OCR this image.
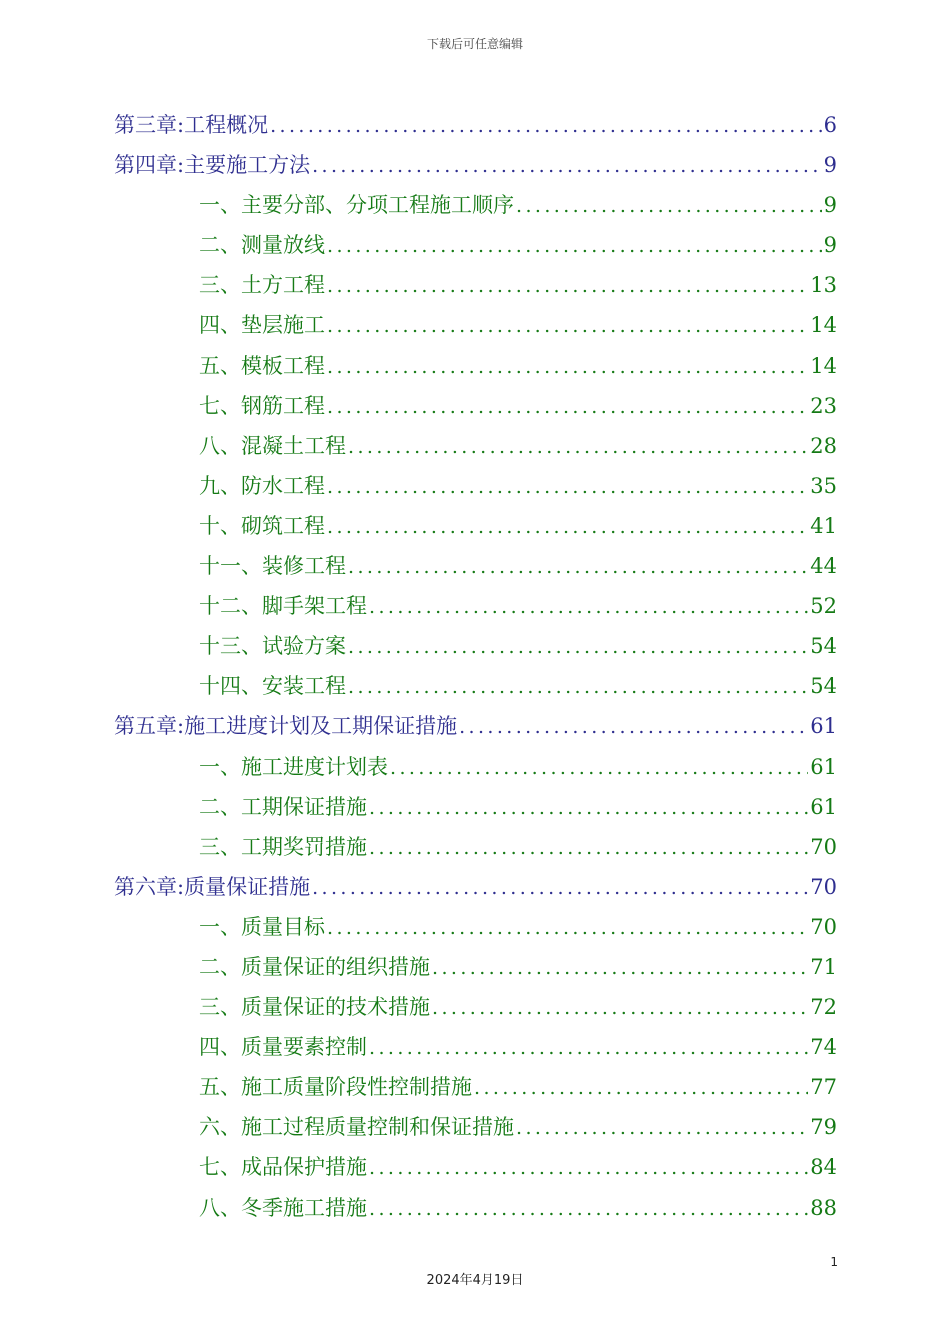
下载后可任意编辑
第三章:工程概况 .....	6
第四章:主要施工方法 .....	9
一、主要分部、分项工程施工顺序 .....	9
二、测量放线 .....	9
三、土方工程 .....	13
四、垫层施工 .....	14
五、模板工程 .....	14
七、钢筋工程 .....	23
八、混凝土工程 .....	28
九、防水工程 .....	35
十、砌筑工程 .....	41
十一、装修工程 .....	44
十二、脚手架工程 .....	52
十三、试验方案 .....	54
十四、安装工程 .....	54
第五章:施工进度计划及工期保证措施 .....	61
一、施工进度计划表 .....	61
二、工期保证措施 .....	61
三、工期奖罚措施 .....	70
第六章:质量保证措施 .....	70
一、质量目标 .....	70
二、质量保证的组织措施 .....	71
三、质量保证的技术措施 .....	72
四、质量要素控制 .....	74
五、施工质量阶段性控制措施 .....	77
六、施工过程质量控制和保证措施 .....	79
七、成品保护措施 .....	84
八、冬季施工措施 .....	88
1
2024年4月19日
